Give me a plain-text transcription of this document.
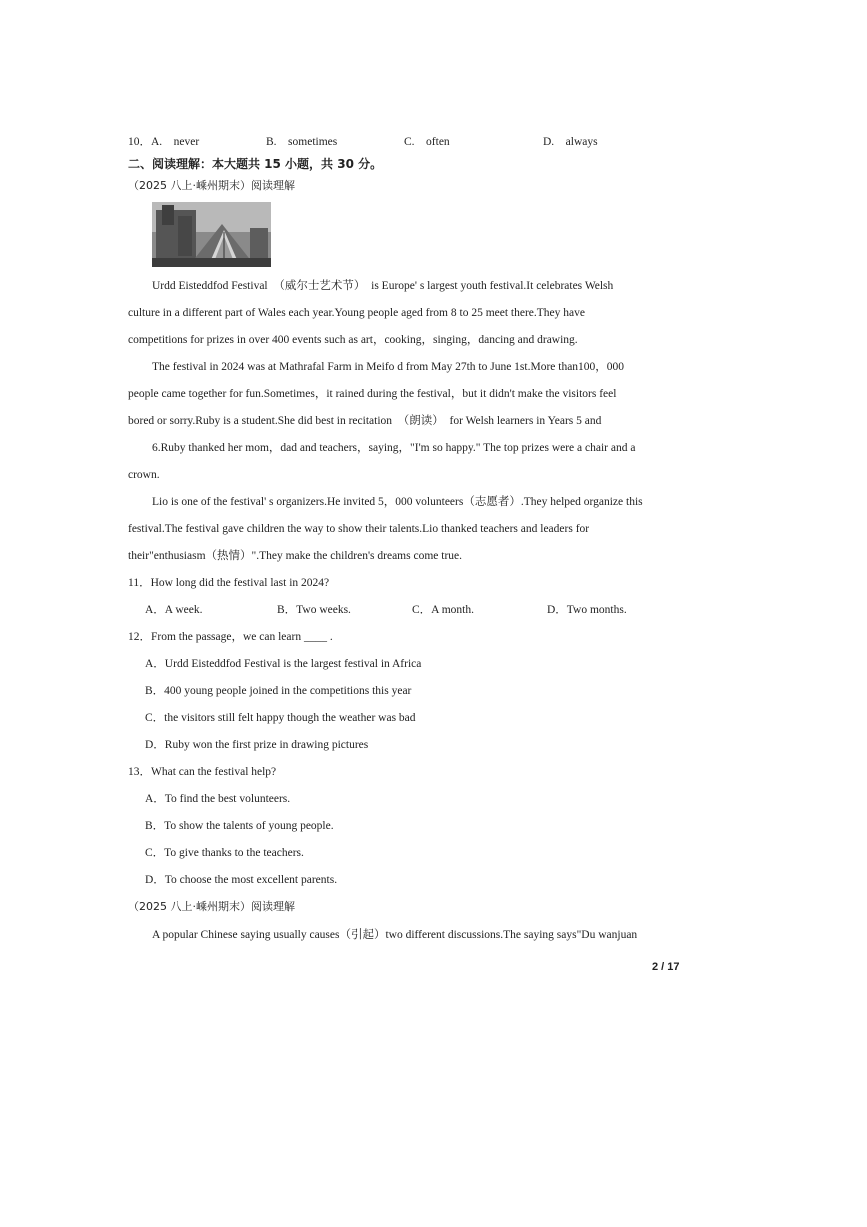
10．A.　never	B.　sometimes	C.　often	D.　always
二、阅读理解：本大题共 15 小题，共 30 分。
（2025 八上·嵊州期末）阅读理解
Urdd Eisteddfod Festival　（威尔士艺术节）　is Europe' s largest youth festival.It celebrates Welsh
culture in a different part of Wales each year.Young people aged from 8 to 25 meet there.They have
competitions for prizes in over 400 events such as art，cooking，singing，dancing and drawing.
The festival in 2024 was at Mathrafal Farm in Meifo d from May 27th to June 1st.More than100，000
people came together for fun.Sometimes，it rained during the festival，but it didn't make the visitors feel
bored or sorry.Ruby is a student.She did best in recitation　（朗读）　for Welsh learners in Years 5 and
6.Ruby thanked her mom，dad and teachers，saying，"I'm so happy." The top prizes were a chair and a
crown.
Lio is one of the festival' s organizers.He invited 5，000 volunteers（志愿者）.They helped organize this
festival.The festival gave children the way to show their talents.Lio thanked teachers and leaders for
their"enthusiasm（热情）".They make the children's dreams come true.
11．How long did the festival last in 2024?
A．A week.	B．Two weeks.	C．A month.	D．Two months.
12．From the passage，we can learn ____ .
A．Urdd Eisteddfod Festival is the largest festival in Africa
B．400 young people joined in the competitions this year
C．the visitors still felt happy though the weather was bad
D．Ruby won the first prize in drawing pictures
13．What can the festival help?
A．To find the best volunteers.
B．To show the talents of young people.
C．To give thanks to the teachers.
D．To choose the most excellent parents.
（2025 八上·嵊州期末）阅读理解
A popular Chinese saying usually causes（引起）two different discussions.The saying says"Du wanjuan
2 / 17
